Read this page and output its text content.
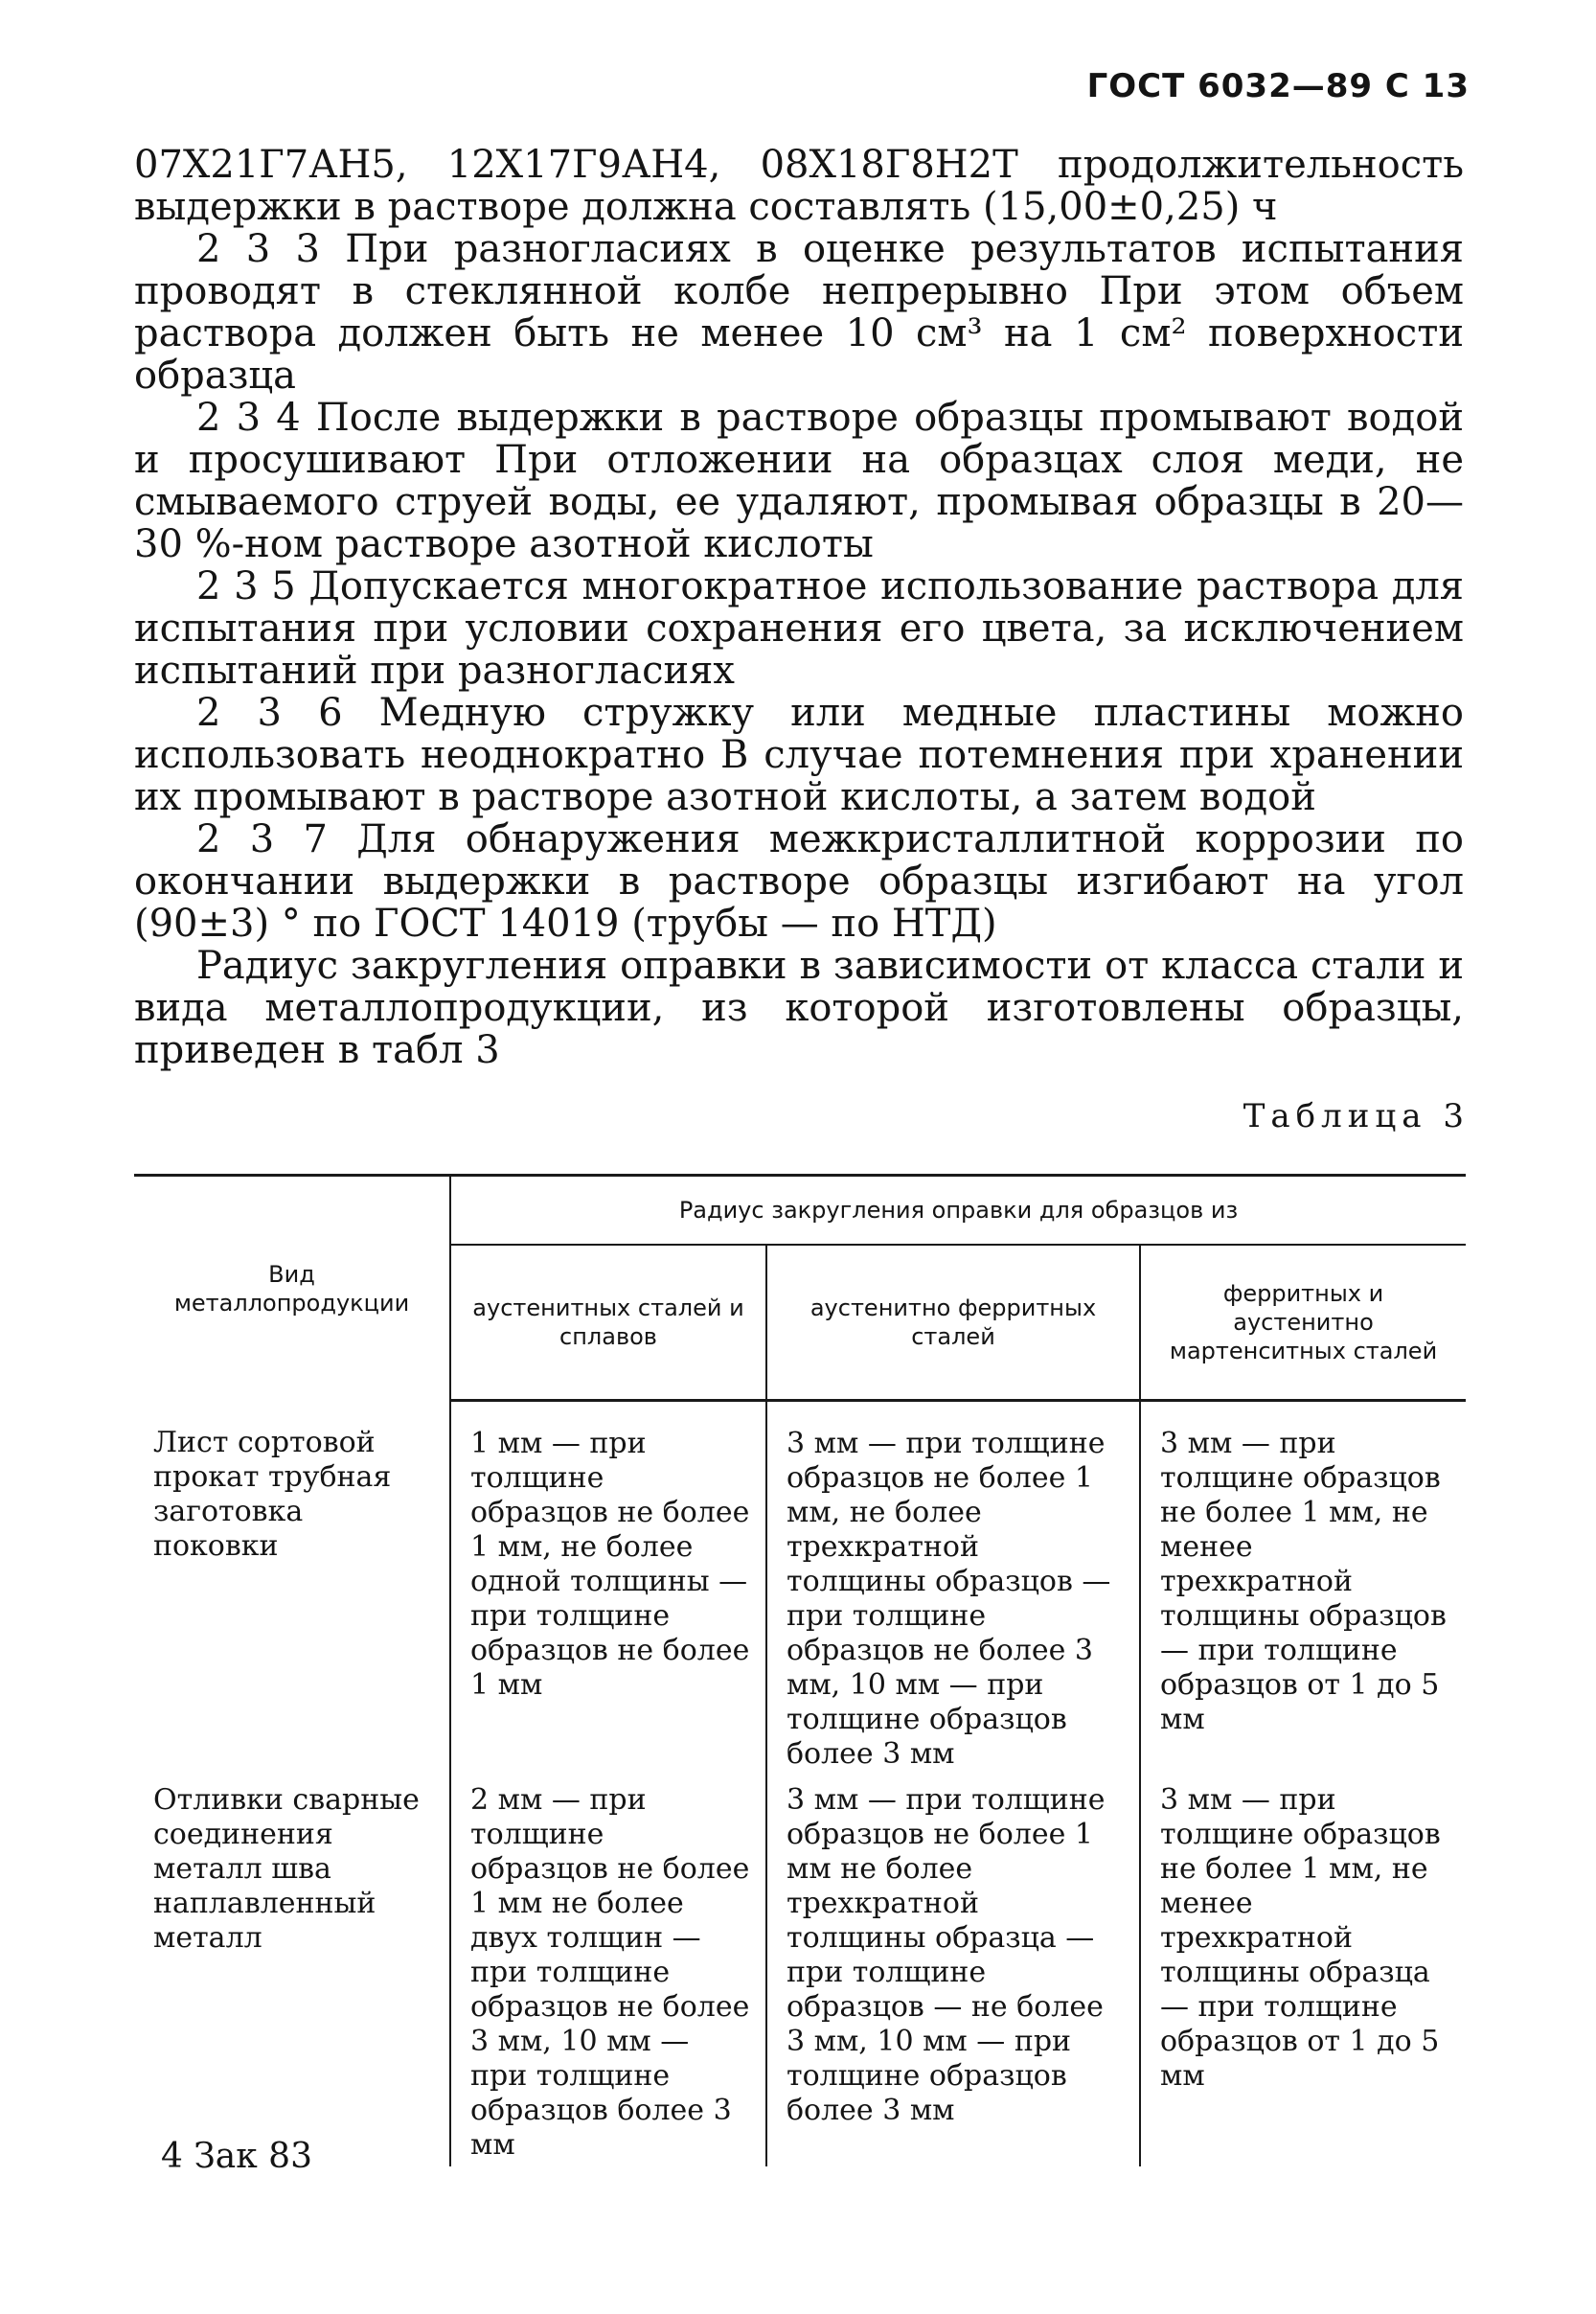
ГОСТ 6032—89 С 13

07Х21Г7АН5, 12Х17Г9АН4, 08Х18Г8Н2Т продолжительность выдержки в растворе должна составлять (15,00±0,25) ч

2 3 3 При разногласиях в оценке результатов испытания проводят в стеклянной колбе непрерывно При этом объем раствора должен быть не менее 10 см³ на 1 см² поверхности образца

2 3 4 После выдержки в растворе образцы промывают водой и просушивают При отложении на образцах слоя меди, не смываемого струей воды, ее удаляют, промывая образцы в 20—30 %-ном растворе азотной кислоты

2 3 5 Допускается многократное использование раствора для испытания при условии сохранения его цвета, за исключением испытаний при разногласиях

2 3 6 Медную стружку или медные пластины можно использовать неоднократно В случае потемнения при хранении их промывают в растворе азотной кислоты, а затем водой

2 3 7 Для обнаружения межкристаллитной коррозии по окончании выдержки в растворе образцы изгибают на угол (90±3) ° по ГОСТ 14019 (трубы — по НТД)

Радиус закругления оправки в зависимости от класса стали и вида металлопродукции, из которой изготовлены образцы, приведен в табл 3

Таблица 3
Вид металлопродукции	Радиус закругления оправки для образцов из		
	аустенитных сталей и сплавов	аустенитно ферритных сталей	ферритных и аустенитно мартенситных сталей
Лист сортовой прокат трубная заготовка поковки	1 мм — при толщине образцов не более 1 мм, не более одной толщины — при толщине образцов не более 1 мм	3 мм — при толщине образцов не более 1 мм, не более трехкратной толщины образцов — при толщине образцов не более 3 мм, 10 мм — при толщине образцов более 3 мм	3 мм — при толщине образцов не более 1 мм, не менее трехкратной толщины образцов — при толщине образцов от 1 до 5 мм
Отливки сварные соединения металл шва наплавленный металл	2 мм — при толщине образцов не более 1 мм не более двух толщин — при толщине образцов не более 3 мм, 10 мм — при толщине образцов более 3 мм	3 мм — при толщине образцов не более 1 мм не более трехкратной толщины образца — при толщине образцов — не более 3 мм, 10 мм — при толщине образцов более 3 мм	3 мм — при толщине образцов не более 1 мм, не менее трехкратной толщины образца — при толщине образцов от 1 до 5 мм
4 Зак 83
